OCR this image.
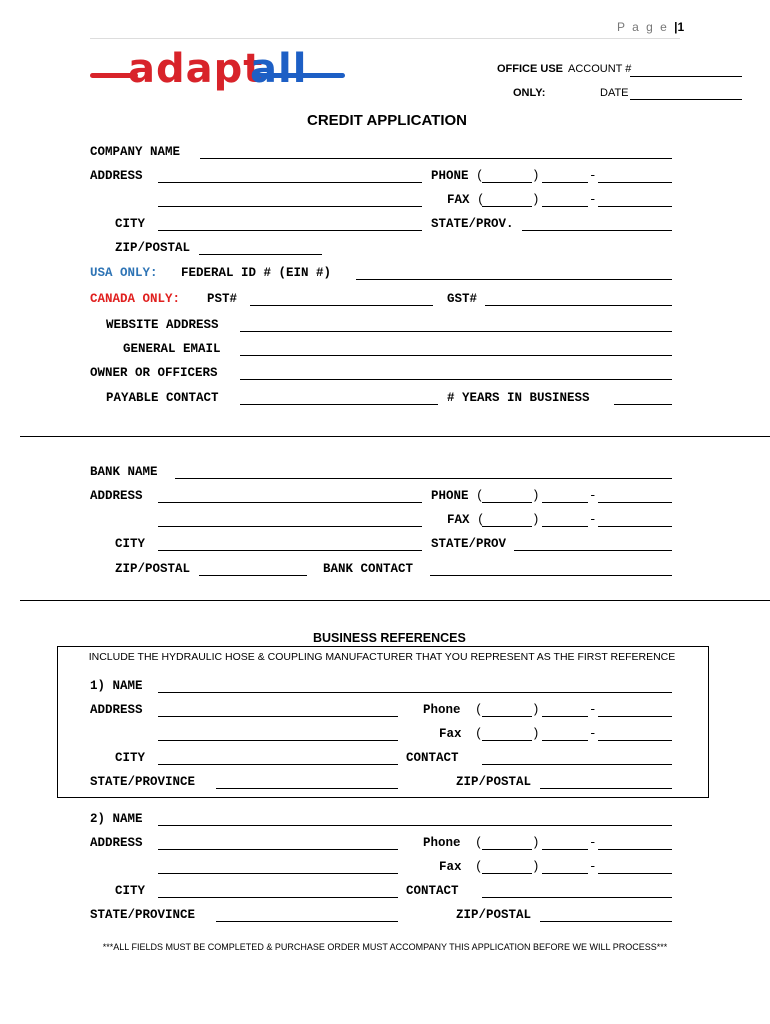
P a g e |1
adapt
all	OFFICE USE
ONLY:
ACCOUNT #
DATE
CREDIT APPLICATION
COMPANY NAME
ADDRESS	PHONE (	)	-
FAX (	)	-
CITY	STATE/PROV.
ZIP/POSTAL
USA ONLY: FEDERAL ID # (EIN #)
CANADA ONLY: PST#	GST#
WEBSITE ADDRESS
GENERAL EMAIL
OWNER OR OFFICERS
PAYABLE CONTACT	# YEARS IN BUSINESS
BANK NAME
ADDRESS	PHONE (	)	-
FAX (	)	-
CITY	STATE/PROV
ZIP/POSTAL	BANK CONTACT
BUSINESS REFERENCES
INCLUDE THE HYDRAULIC HOSE & COUPLING MANUFACTURER THAT YOU REPRESENT AS THE FIRST REFERENCE
1) NAME
ADDRESS	Phone (	)	-
Fax (	)	-
CITY	CONTACT
STATE/PROVINCE	ZIP/POSTAL
2) NAME
ADDRESS	Phone (	)	-
Fax (	)	-
CITY	CONTACT
STATE/PROVINCE	ZIP/POSTAL
***ALL FIELDS MUST BE COMPLETED & PURCHASE ORDER MUST ACCOMPANY THIS APPLICATION BEFORE WE WILL PROCESS***
